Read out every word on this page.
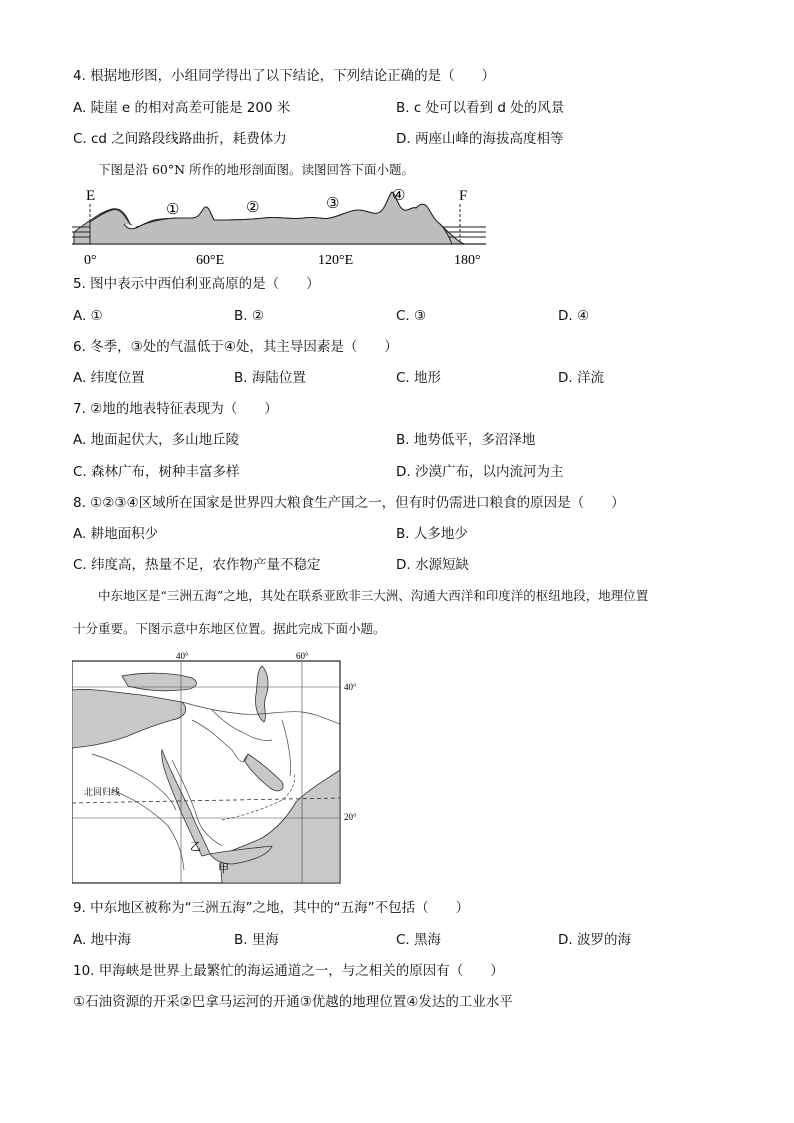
4. 根据地形图，小组同学得出了以下结论，下列结论正确的是（　　）
A. 陡崖 e 的相对高差可能是 200 米	B. c 处可以看到 d 处的风景
C. cd 之间路段线路曲折，耗费体力	D. 两座山峰的海拔高度相等
下图是沿 60°N 所作的地形剖面图。读图回答下面小题。
E	F
①	②	③	④
0°	60°E	120°E	180°
5. 图中表示中西伯利亚高原的是（　　）
A. ①	B. ②	C. ③	D. ④
6. 冬季，③处的气温低于④处，其主导因素是（　　）
A. 纬度位置	B. 海陆位置	C. 地形	D. 洋流
7. ②地的地表特征表现为（　　）
A. 地面起伏大，多山地丘陵	B. 地势低平，多沼泽地
C. 森林广布，树种丰富多样	D. 沙漠广布，以内流河为主
8. ①②③④区域所在国家是世界四大粮食生产国之一，但有时仍需进口粮食的原因是（　　）
A. 耕地面积少	B. 人多地少
C. 纬度高，热量不足，农作物产量不稳定	D. 水源短缺
中东地区是“三洲五海”之地，其处在联系亚欧非三大洲、沟通大西洋和印度洋的枢纽地段，地理位置
十分重要。下图示意中东地区位置。据此完成下面小题。
40°	60°
40°
20°
北回归线
乙
甲
9. 中东地区被称为“三洲五海”之地，其中的“五海”不包括（　　）
A. 地中海	B. 里海	C. 黑海	D. 波罗的海
10. 甲海峡是世界上最繁忙的海运通道之一，与之相关的原因有（　　）
①石油资源的开采②巴拿马运河的开通③优越的地理位置④发达的工业水平
